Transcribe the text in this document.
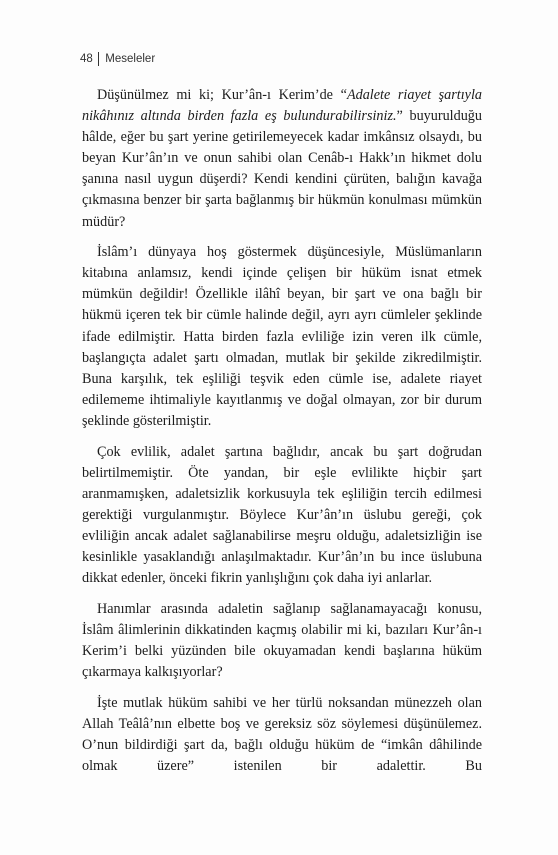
48 Meseleler

Düşünülmez mi ki; Kur’ân-ı Kerim’de “Adalete riayet şartıyla nikâhınız altında birden fazla eş bulundurabilirsiniz.” buyurulduğu hâlde, eğer bu şart yerine getirilemeyecek kadar imkânsız olsaydı, bu beyan Kur’ân’ın ve onun sahibi olan Cenâb-ı Hakk’ın hikmet dolu şanına nasıl uygun düşerdi? Kendi kendini çürüten, balığın kavağa çıkmasına benzer bir şarta bağlanmış bir hükmün konulması mümkün müdür?

İslâm’ı dünyaya hoş göstermek düşüncesiyle, Müslümanların kitabına anlamsız, kendi içinde çelişen bir hüküm isnat etmek mümkün değildir! Özellikle ilâhî beyan, bir şart ve ona bağlı bir hükmü içeren tek bir cümle halinde değil, ayrı ayrı cümleler şeklinde ifade edilmiştir. Hatta birden fazla evliliğe izin veren ilk cümle, başlangıçta adalet şartı olmadan, mutlak bir şekilde zikredilmiştir. Buna karşılık, tek eşliliği teşvik eden cümle ise, adalete riayet edilememe ihtimaliyle kayıtlanmış ve doğal olmayan, zor bir durum şeklinde gösterilmiştir.

Çok evlilik, adalet şartına bağlıdır, ancak bu şart doğrudan belirtilmemiştir. Öte yandan, bir eşle evlilikte hiçbir şart aranmamışken, adaletsizlik korkusuyla tek eşliliğin tercih edilmesi gerektiği vurgulanmıştır. Böylece Kur’ân’ın üslubu gereği, çok evliliğin ancak adalet sağlanabilirse meşru olduğu, adaletsizliğin ise kesinlikle yasaklandığı anlaşılmaktadır. Kur’ân’ın bu ince üslubuna dikkat edenler, önceki fikrin yanlışlığını çok daha iyi anlarlar.

Hanımlar arasında adaletin sağlanıp sağlanamayacağı konusu, İslâm âlimlerinin dikkatinden kaçmış olabilir mi ki, bazıları Kur’ân-ı Kerim’i belki yüzünden bile okuyamadan kendi başlarına hüküm çıkarmaya kalkışıyorlar?

İşte mutlak hüküm sahibi ve her türlü noksandan münezzeh olan Allah Teâlâ’nın elbette boş ve gereksiz söz söylemesi düşünülemez. O’nun bildirdiği şart da, bağlı olduğu hüküm de “imkân dâhilinde olmak üzere” istenilen bir adalettir. Bu
